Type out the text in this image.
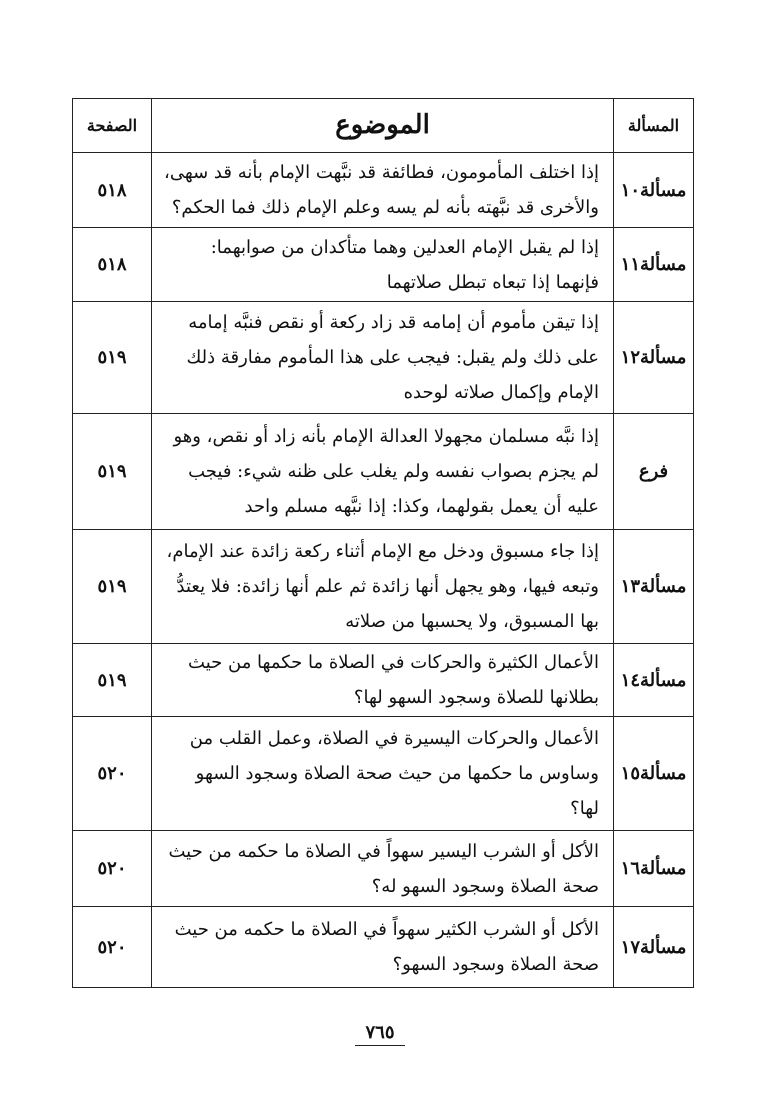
الصفحة	الموضوع	المسألة
٥١٨
إذا اختلف المأمومون، فطائفة قد نبَّهت الإمام بأنه قد سهى، والأخرى قد نبَّهته بأنه لم يسه وعلم الإمام ذلك فما الحكم؟
مسألة١٠
٥١٨
إذا لم يقبل الإمام العدلين وهما متأكدان من صوابهما: فإنهما إذا تبعاه تبطل صلاتهما
مسألة١١
٥١٩
إذا تيقن مأموم أن إمامه قد زاد ركعة أو نقص فنبَّه إمامه على ذلك ولم يقبل: فيجب على هذا المأموم مفارقة ذلك الإمام وإكمال صلاته لوحده
مسألة١٢
٥١٩
إذا نبَّه مسلمان مجهولا العدالة الإمام بأنه زاد أو نقص، وهو لم يجزم بصواب نفسه ولم يغلب على ظنه شيء: فيجب عليه أن يعمل بقولهما، وكذا: إذا نبَّهه مسلم واحد
فرع
٥١٩
إذا جاء مسبوق ودخل مع الإمام أثناء ركعة زائدة عند الإمام، وتبعه فيها، وهو يجهل أنها زائدة ثم علم أنها زائدة: فلا يعتدُّ بها المسبوق، ولا يحسبها من صلاته
مسألة١٣
٥١٩
الأعمال الكثيرة والحركات في الصلاة ما حكمها من حيث بطلانها للصلاة وسجود السهو لها؟
مسألة١٤
٥٢٠
الأعمال والحركات اليسيرة في الصلاة، وعمل القلب من وساوس ما حكمها من حيث صحة الصلاة وسجود السهو لها؟
مسألة١٥
٥٢٠
الأكل أو الشرب اليسير سهواً في الصلاة ما حكمه من حيث صحة الصلاة وسجود السهو له؟
مسألة١٦
٥٢٠
الأكل أو الشرب الكثير سهواً في الصلاة ما حكمه من حيث صحة الصلاة وسجود السهو؟
مسألة١٧
٧٦٥
